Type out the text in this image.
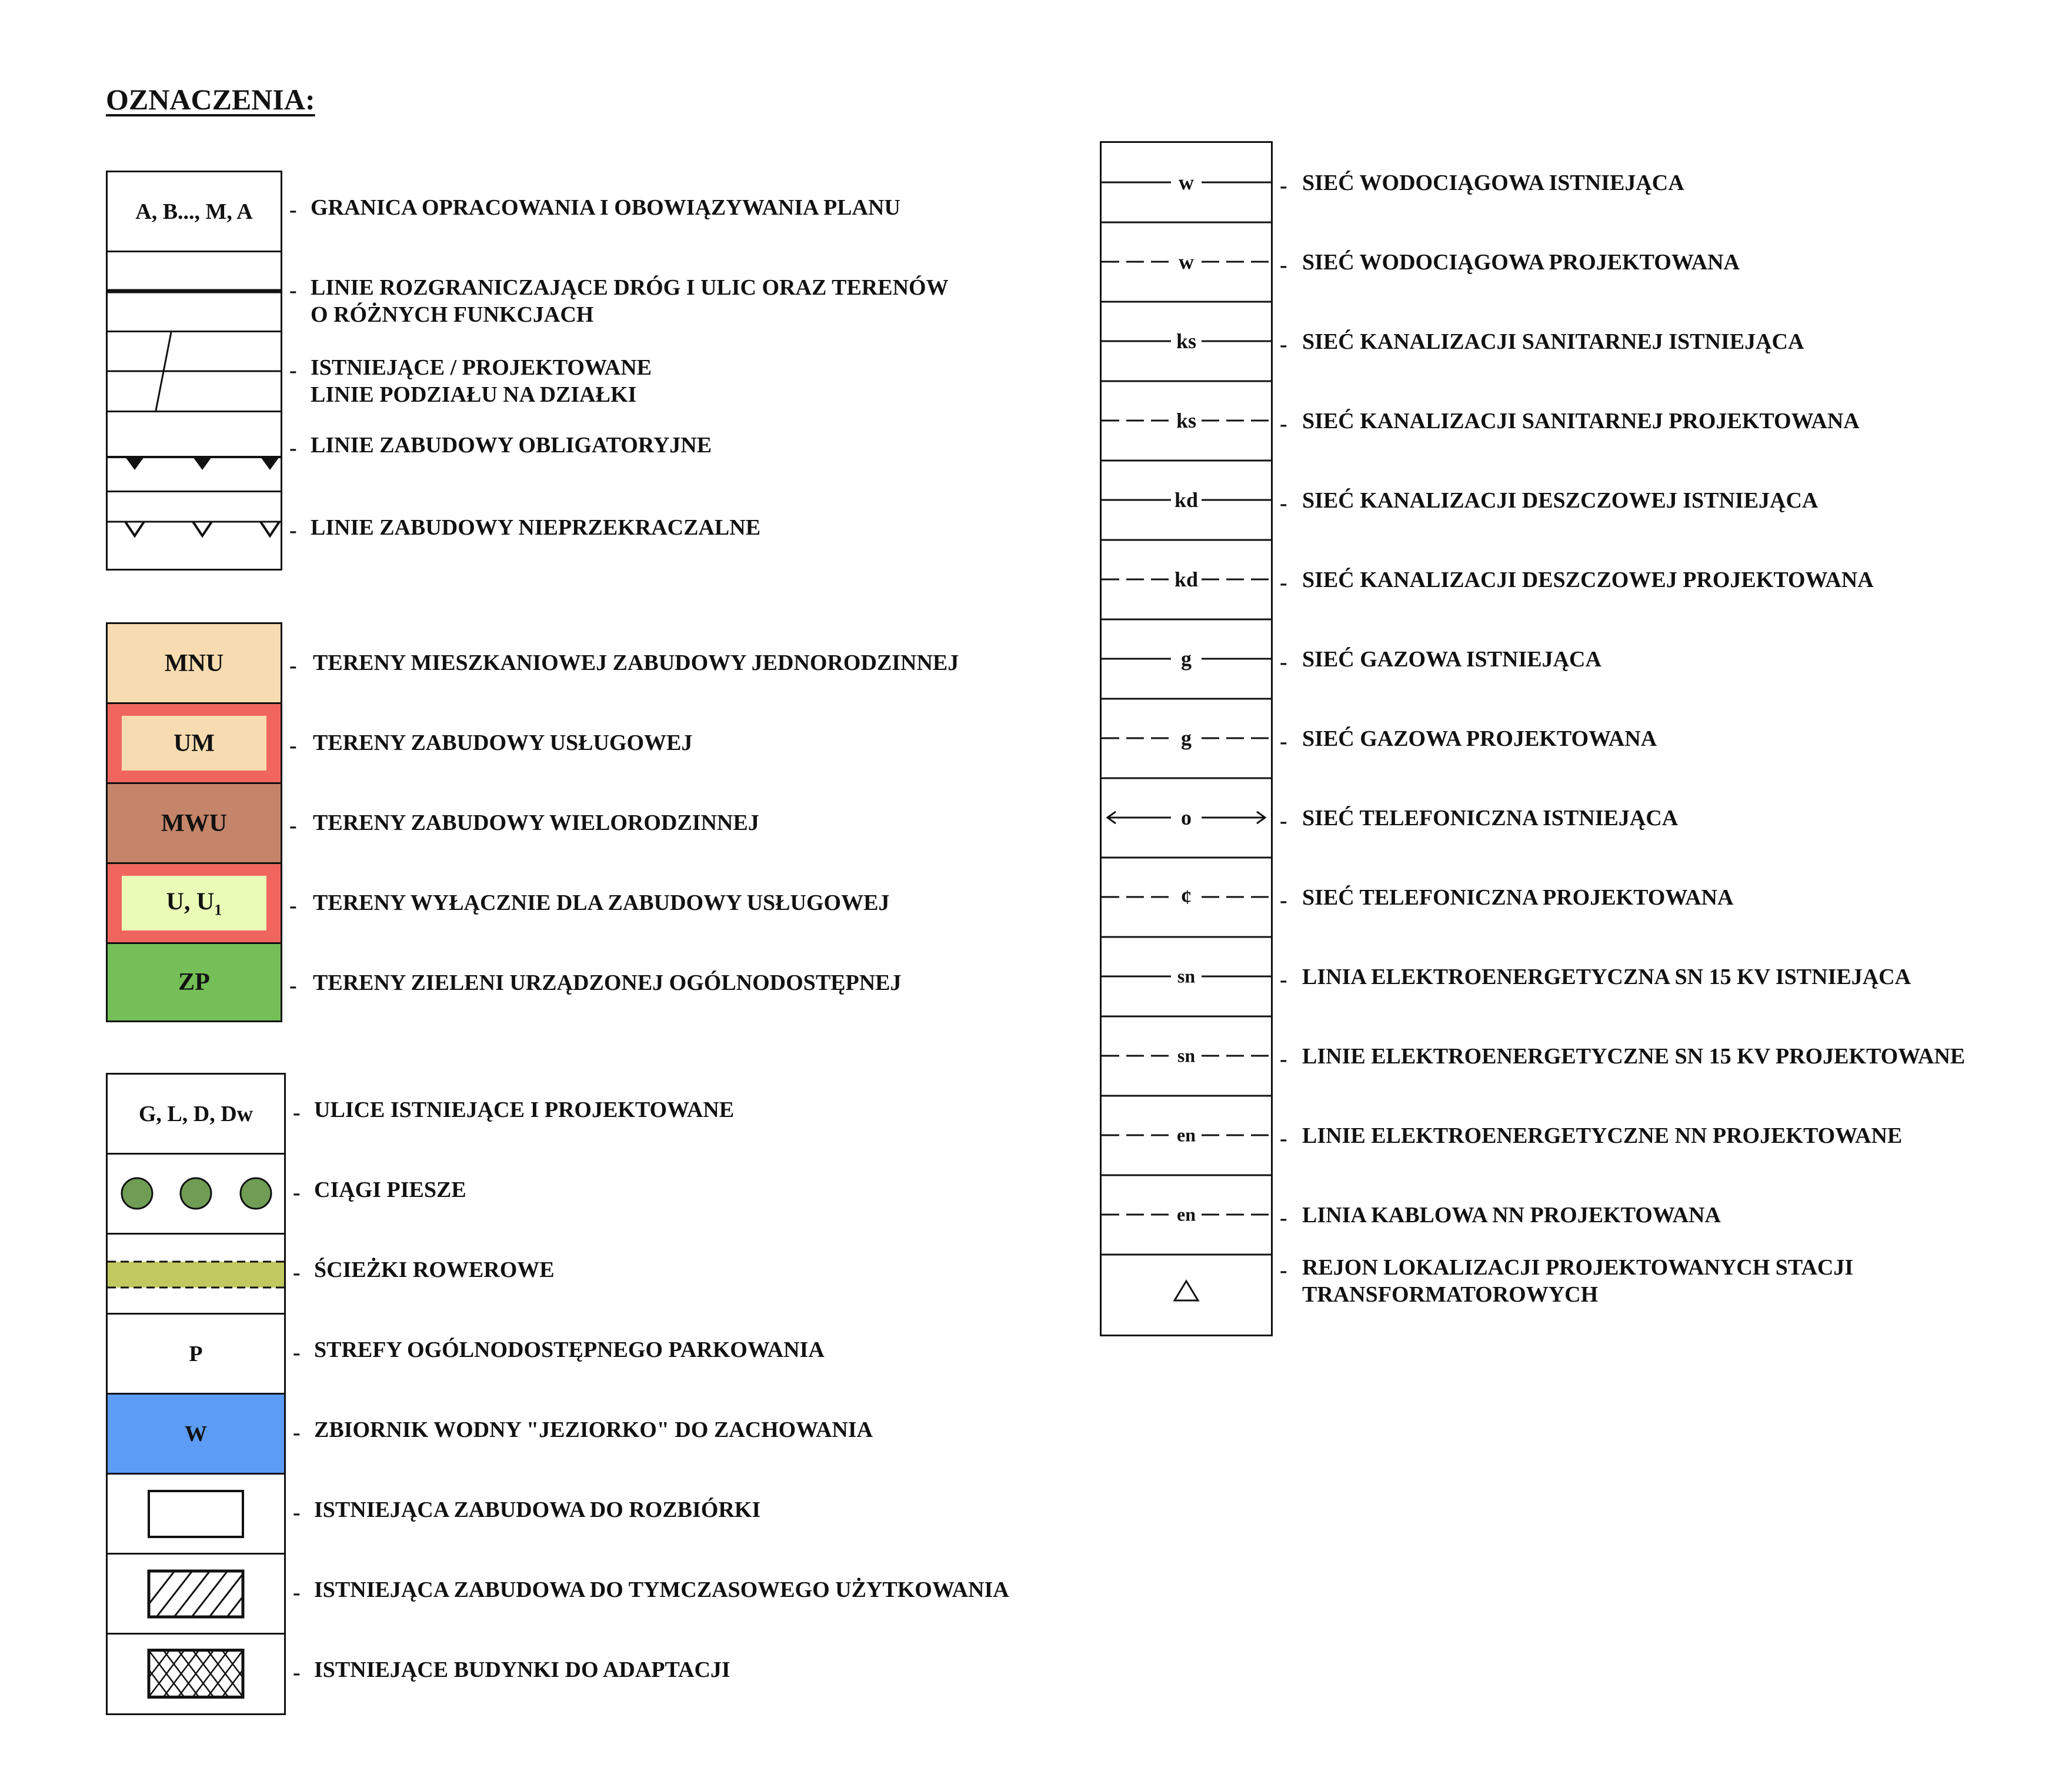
OZNACZENIA:
A, B..., M, A	- GRANICA OPRACOWANIA I OBOWIĄZYWANIA PLANU
- LINIE ROZGRANICZAJĄCE DRÓG I ULIC ORAZ TERENÓW
O RÓŻNYCH FUNKCJACH
- ISTNIEJĄCE / PROJEKTOWANE
LINIE PODZIAŁU NA DZIAŁKI
- LINIE ZABUDOWY OBLIGATORYJNE
- LINIE ZABUDOWY NIEPRZEKRACZALNE
MNU
UM
MWU
U, $U_1$
ZP
- TERENY MIESZKANIOWEJ ZABUDOWY JEDNORODZINNEJ
- TERENY ZABUDOWY USŁUGOWEJ
- TERENY ZABUDOWY WIELORODZINNEJ
- TERENY WYŁĄCZNIE DLA ZABUDOWY USŁUGOWEJ
- TERENY ZIELENI URZĄDZONEJ OGÓLNODOSTĘPNEJ
G, L, D, Dw
P
W
- ULICE ISTNIEJĄCE I PROJEKTOWANE
- CIĄGI PIESZE
- ŚCIEŻKI ROWEROWE
- STREFY OGÓLNODOSTĘPNEGO PARKOWANIA
- ZBIORNIK WODNY "JEZIORKO" DO ZACHOWANIA
- ISTNIEJĄCA ZABUDOWA DO ROZBIÓRKI
- ISTNIEJĄCA ZABUDOWA DO TYMCZASOWEGO UŻYTKOWANIA
- ISTNIEJĄCE BUDYNKI DO ADAPTACJI
w
w
ks
ks
kd
kd
g
g
o
¢
sn
sn
en
en
- SIEĆ WODOCIĄGOWA ISTNIEJĄCA
- SIEĆ WODOCIĄGOWA PROJEKTOWANA
- SIEĆ KANALIZACJI SANITARNEJ ISTNIEJĄCA
- SIEĆ KANALIZACJI SANITARNEJ PROJEKTOWANA
- SIEĆ KANALIZACJI DESZCZOWEJ ISTNIEJĄCA
- SIEĆ KANALIZACJI DESZCZOWEJ PROJEKTOWANA
- SIEĆ GAZOWA ISTNIEJĄCA
- SIEĆ GAZOWA PROJEKTOWANA
- SIEĆ TELEFONICZNA ISTNIEJĄCA
- SIEĆ TELEFONICZNA PROJEKTOWANA
- LINIA ELEKTROENERGETYCZNA SN 15 KV ISTNIEJĄCA
- LINIE ELEKTROENERGETYCZNE SN 15 KV PROJEKTOWANE
- LINIE ELEKTROENERGETYCZNE NN PROJEKTOWANE
- LINIA KABLOWA NN PROJEKTOWANA
- REJON LOKALIZACJI PROJEKTOWANYCH STACJI
TRANSFORMATOROWYCH
